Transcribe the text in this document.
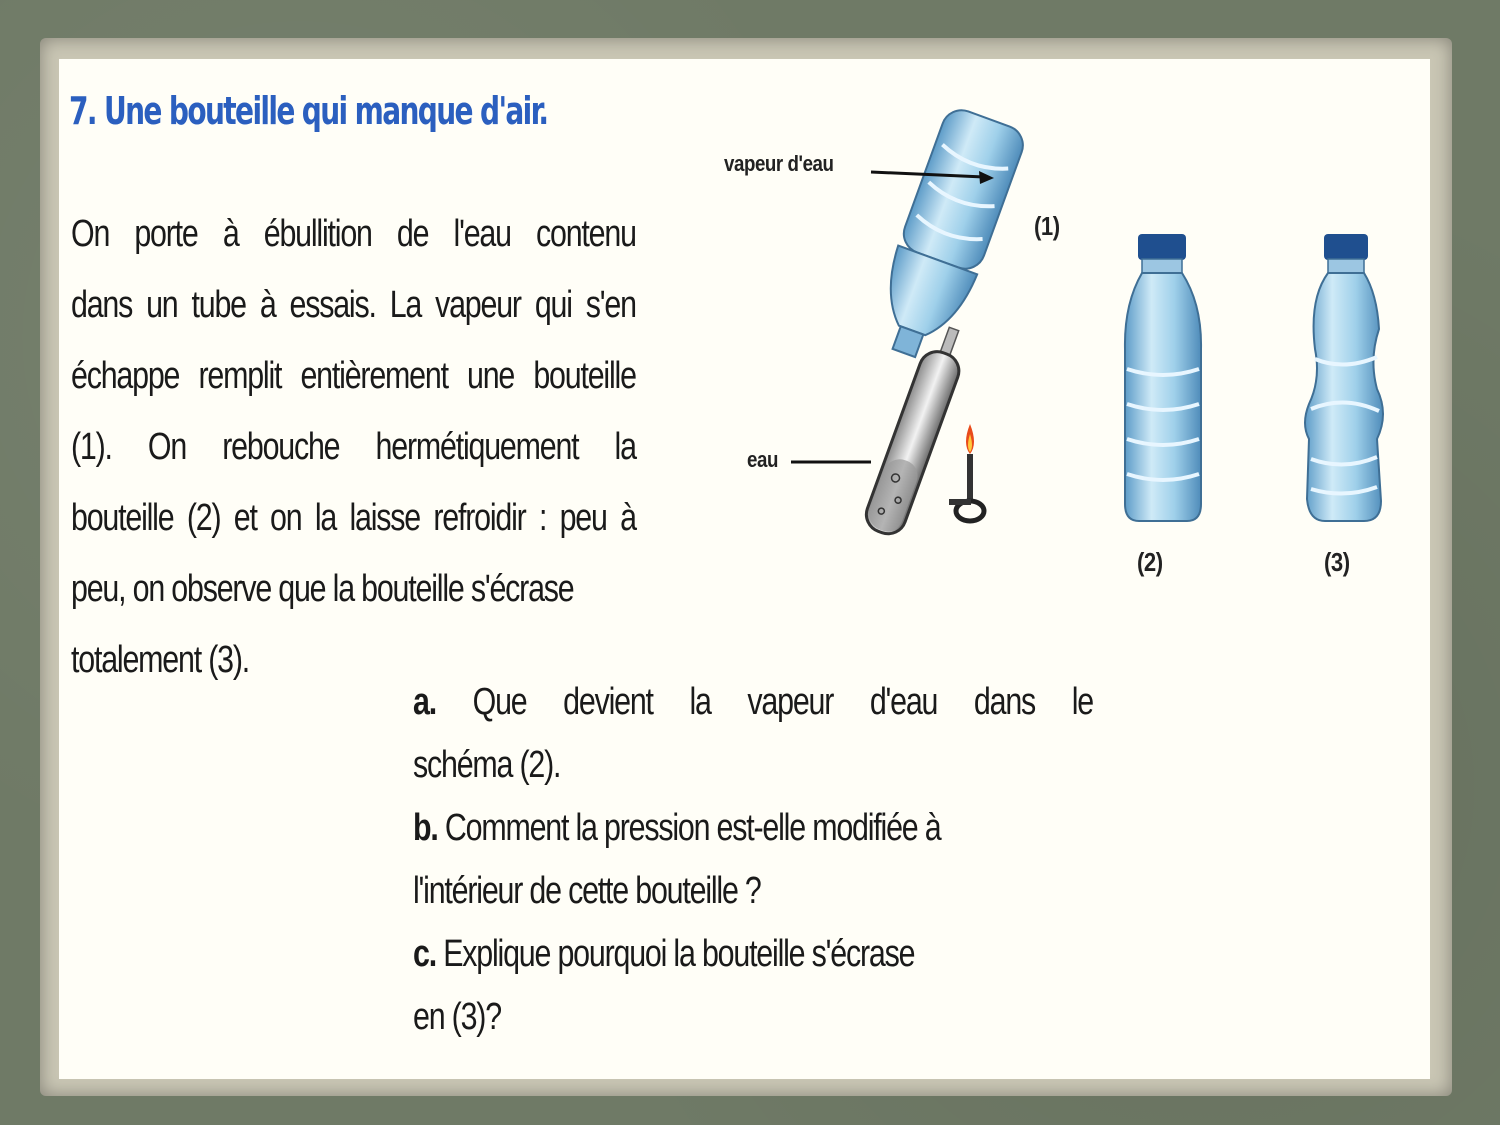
7. Une bouteille qui manque d'air.
On porte à ébullition de l'eau contenu
dans un tube à essais. La vapeur qui s'en
échappe remplit entièrement une bouteille
(1). On rebouche hermétiquement la
bouteille (2) et on la laisse refroidir : peu à
peu, on observe que la bouteille s'écrase
totalement (3).
vapeur d'eau
eau
(1)
(2)	(3)
a. Que devient la vapeur d'eau dans le
schéma (2).
b. Comment la pression est-elle modifiée à
l'intérieur de cette bouteille ?
c. Explique pourquoi la bouteille s'écrase
en (3)?
